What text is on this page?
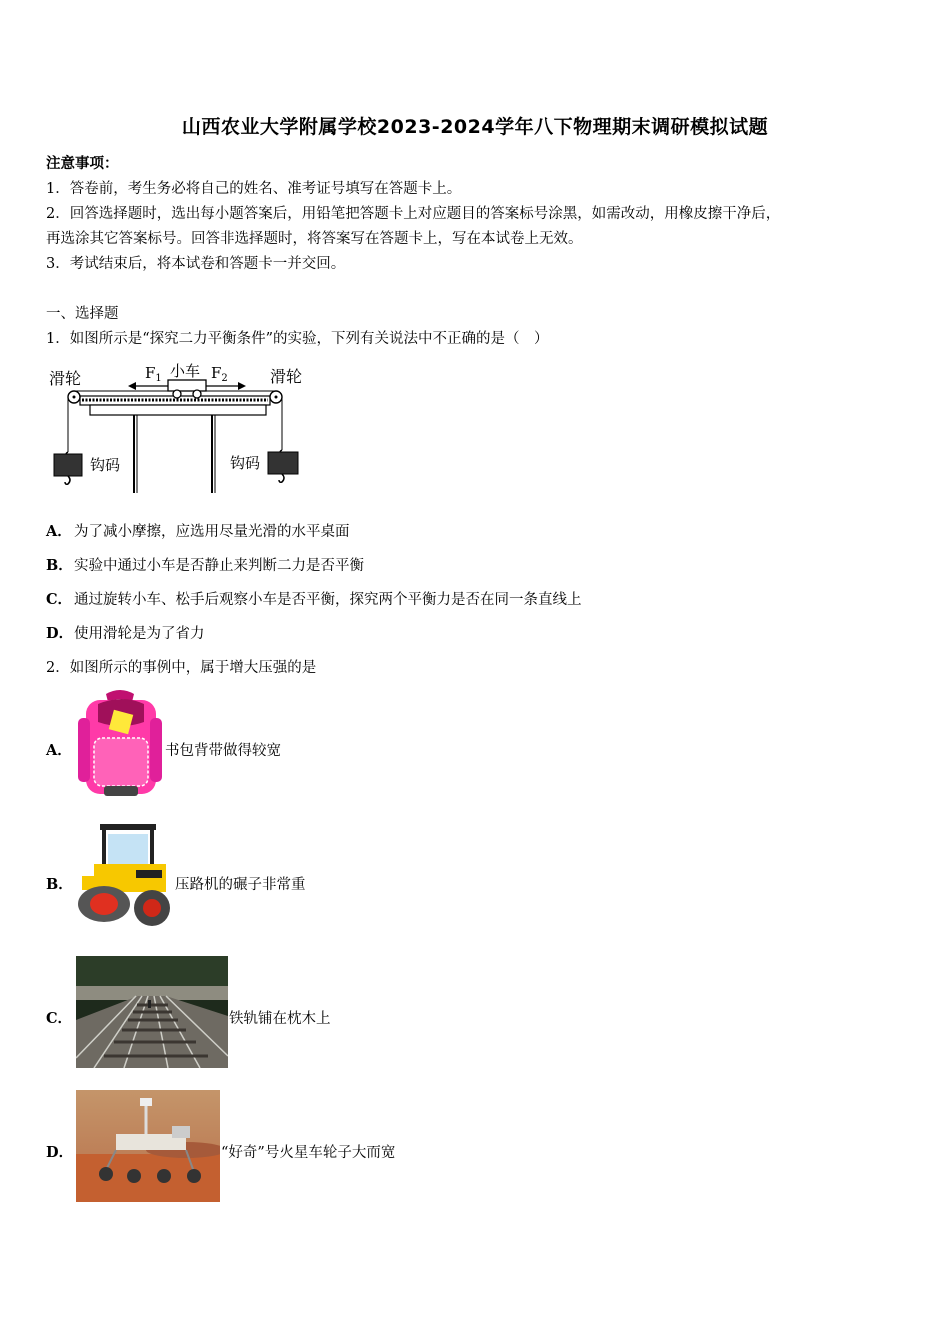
山西农业大学附属学校2023-2024学年八下物理期末调研模拟试题
注意事项：
1．答卷前，考生务必将自己的姓名、准考证号填写在答题卡上。
2．回答选择题时，选出每小题答案后，用铅笔把答题卡上对应题目的答案标号涂黑，如需改动，用橡皮擦干净后，
再选涂其它答案标号。回答非选择题时，将答案写在答题卡上，写在本试卷上无效。
3．考试结束后，将本试卷和答题卡一并交回。
一、选择题
1．如图所示是“探究二力平衡条件”的实验，下列有关说法中不正确的是（　）
滑轮	滑轮
小车
$F_1$	$F_2$
钩码	钩码
A． 为了减小摩擦，应选用尽量光滑的水平桌面
B． 实验中通过小车是否静止来判断二力是否平衡
C． 通过旋转小车、松手后观察小车是否平衡，探究两个平衡力是否在同一条直线上
D． 使用滑轮是为了省力
2．如图所示的事例中，属于增大压强的是
A．	书包背带做得较宽
B．	压路机的碾子非常重
C．	铁轨铺在枕木上
D．	“好奇”号火星车轮子大而宽
